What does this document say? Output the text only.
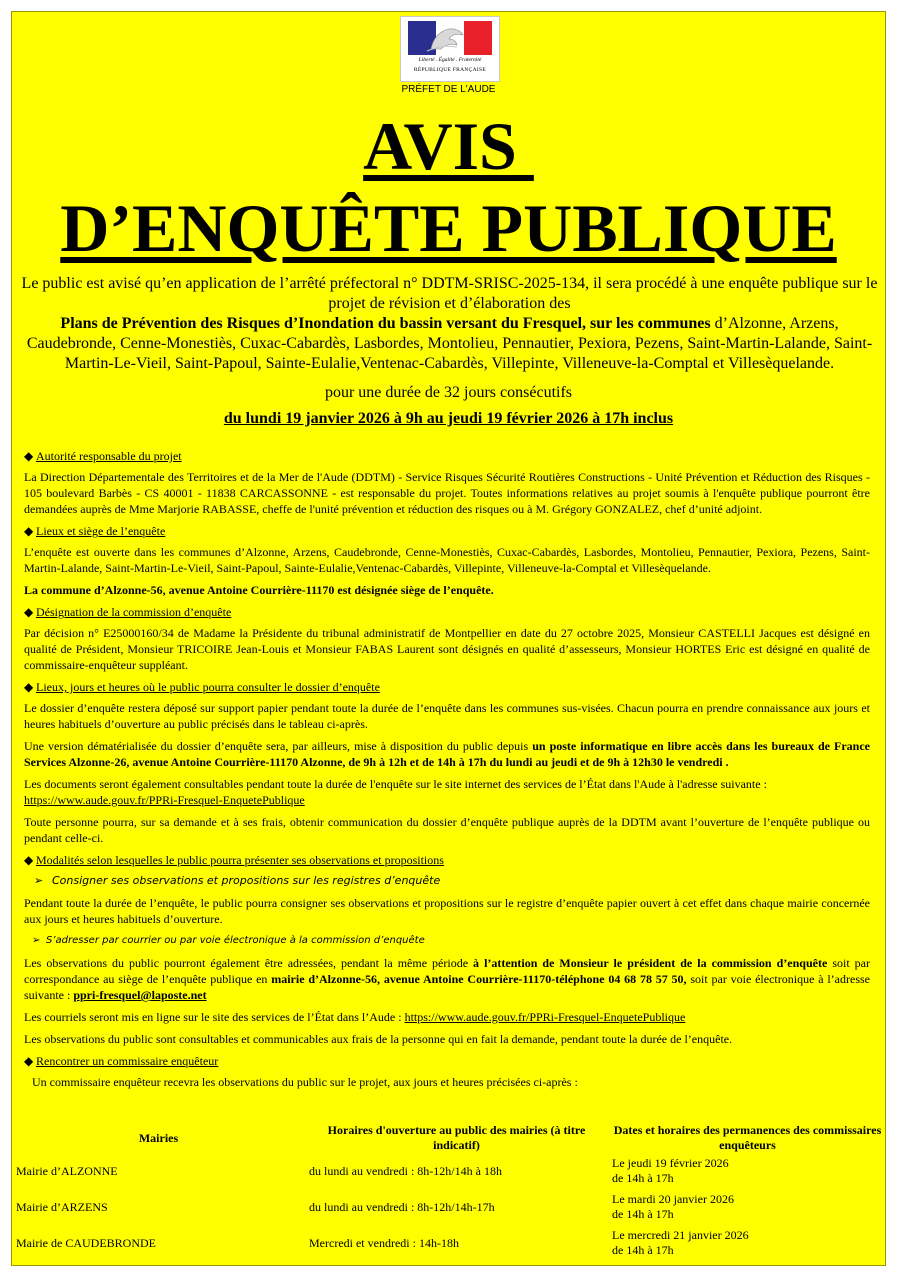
Liberté . Égalité . Fraternité
RÉPUBLIQUE FRANÇAISE
PRÉFET DE L'AUDE
AVIS
D’ENQUÊTE PUBLIQUE
Le public est avisé qu’en application de l’arrêté préfectoral n° DDTM-SRISC-2025-134, il sera procédé à une enquête publique sur le projet de révision et d’élaboration des
Plans de Prévention des Risques d’Inondation du bassin versant du Fresquel, sur les communes d’Alzonne, Arzens, Caudebronde, Cenne-Monestiès, Cuxac-Cabardès, Lasbordes, Montolieu, Pennautier, Pexiora, Pezens, Saint-Martin-Lalande, Saint-Martin-Le-Vieil, Saint-Papoul, Sainte-Eulalie,Ventenac-Cabardès, Villepinte, Villeneuve-la-Comptal et Villesèquelande.
pour une durée de 32 jours consécutifs
du lundi 19 janvier 2026 à 9h au jeudi 19 février 2026 à 17h inclus
◆ Autorité responsable du projet
La Direction Départementale des Territoires et de la Mer de l'Aude (DDTM) - Service Risques Sécurité Routières Constructions - Unité Prévention et Réduction des Risques - 105 boulevard Barbès - CS 40001 - 11838 CARCASSONNE - est responsable du projet. Toutes informations relatives au projet soumis à l'enquête publique pourront être demandées auprès de Mme Marjorie RABASSE, cheffe de l'unité prévention et réduction des risques ou à M. Grégory GONZALEZ, chef d’unité adjoint.
◆ Lieux et siège de l’enquête
L’enquête est ouverte dans les communes d’Alzonne, Arzens, Caudebronde, Cenne-Monestiès, Cuxac-Cabardès, Lasbordes, Montolieu, Pennautier, Pexiora, Pezens, Saint-Martin-Lalande, Saint-Martin-Le-Vieil, Saint-Papoul, Sainte-Eulalie,Ventenac-Cabardès, Villepinte, Villeneuve-la-Comptal et Villesèquelande.
La commune d’Alzonne-56, avenue Antoine Courrière-11170 est désignée siège de l’enquête.
◆ Désignation de la commission d’enquête
Par décision n° E25000160/34 de Madame la Présidente du tribunal administratif de Montpellier en date du 27 octobre 2025, Monsieur CASTELLI Jacques est désigné en qualité de Président, Monsieur TRICOIRE Jean-Louis et Monsieur FABAS Laurent sont désignés en qualité d’assesseurs, Monsieur HORTES Eric est désigné en qualité de commissaire-enquêteur suppléant.
◆ Lieux, jours et heures où le public pourra consulter le dossier d’enquête
Le dossier d’enquête restera déposé sur support papier pendant toute la durée de l’enquête dans les communes sus-visées. Chacun pourra en prendre connaissance aux jours et heures habituels d’ouverture au public précisés dans le tableau ci-après.
Une version dématérialisée du dossier d’enquête sera, par ailleurs, mise à disposition du public depuis un poste informatique en libre accès dans les bureaux de France Services Alzonne-26, avenue Antoine Courrière-11170 Alzonne, de 9h à 12h et de 14h à 17h du lundi au jeudi et de 9h à 12h30 le vendredi .
Les documents seront également consultables pendant toute la durée de l'enquête sur le site internet des services de l’État dans l'Aude à l'adresse suivante :
https://www.aude.gouv.fr/PPRi-Fresquel-EnquetePublique
Toute personne pourra, sur sa demande et à ses frais, obtenir communication du dossier d’enquête publique auprès de la DDTM avant l’ouverture de l’enquête publique ou pendant celle-ci.
◆ Modalités selon lesquelles le public pourra présenter ses observations et propositions
➢ Consigner ses observations et propositions sur les registres d’enquête
Pendant toute la durée de l’enquête, le public pourra consigner ses observations et propositions sur le registre d’enquête papier ouvert à cet effet dans chaque mairie concernée aux jours et heures habituels d’ouverture.
➢ S’adresser par courrier ou par voie électronique à la commission d’enquête
Les observations du public pourront également être adressées, pendant la même période à l’attention de Monsieur le président de la commission d’enquête soit par correspondance au siège de l’enquête publique en mairie d’Alzonne-56, avenue Antoine Courrière-11170-téléphone 04 68 78 57 50, soit par voie électronique à l’adresse suivante : ppri-fresquel@laposte.net
Les courriels seront mis en ligne sur le site des services de l’État dans l’Aude : https://www.aude.gouv.fr/PPRi-Fresquel-EnquetePublique
Les observations du public sont consultables et communicables aux frais de la personne qui en fait la demande, pendant toute la durée de l’enquête.
◆ Rencontrer un commissaire enquêteur
Un commissaire enquêteur recevra les observations du public sur le projet, aux jours et heures précisées ci-après :
Mairies	Horaires d'ouverture au public des mairies (à titre indicatif)	Dates et horaires des permanences des commissaires enquêteurs
Mairie d’ALZONNE	du lundi au vendredi : 8h-12h/14h à 18h	Le jeudi 19 février 2026
de 14h à 17h
Mairie d’ARZENS	du lundi au vendredi : 8h-12h/14h-17h	Le mardi 20 janvier 2026
de 14h à 17h
Mairie de CAUDEBRONDE	Mercredi et vendredi : 14h-18h	Le mercredi 21 janvier 2026
de 14h à 17h
